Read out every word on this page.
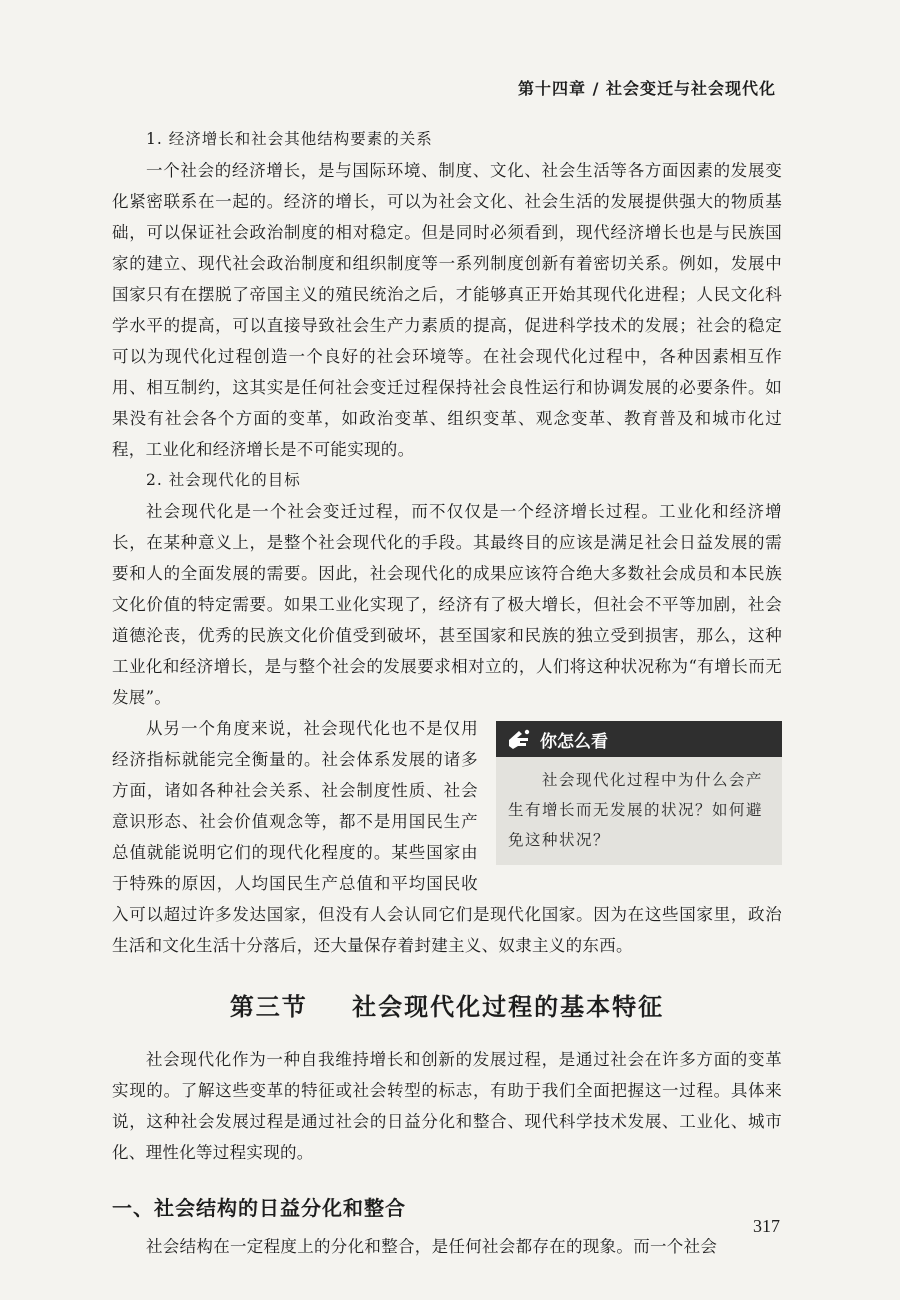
第十四章 / 社会变迁与社会现代化

1. 经济增长和社会其他结构要素的关系

一个社会的经济增长，是与国际环境、制度、文化、社会生活等各方面因素的发展变化紧密联系在一起的。经济的增长，可以为社会文化、社会生活的发展提供强大的物质基础，可以保证社会政治制度的相对稳定。但是同时必须看到，现代经济增长也是与民族国家的建立、现代社会政治制度和组织制度等一系列制度创新有着密切关系。例如，发展中国家只有在摆脱了帝国主义的殖民统治之后，才能够真正开始其现代化进程；人民文化科学水平的提高，可以直接导致社会生产力素质的提高，促进科学技术的发展；社会的稳定可以为现代化过程创造一个良好的社会环境等。在社会现代化过程中，各种因素相互作用、相互制约，这其实是任何社会变迁过程保持社会良性运行和协调发展的必要条件。如果没有社会各个方面的变革，如政治变革、组织变革、观念变革、教育普及和城市化过程，工业化和经济增长是不可能实现的。

2. 社会现代化的目标

社会现代化是一个社会变迁过程，而不仅仅是一个经济增长过程。工业化和经济增长，在某种意义上，是整个社会现代化的手段。其最终目的应该是满足社会日益发展的需要和人的全面发展的需要。因此，社会现代化的成果应该符合绝大多数社会成员和本民族文化价值的特定需要。如果工业化实现了，经济有了极大增长，但社会不平等加剧，社会道德沦丧，优秀的民族文化价值受到破坏，甚至国家和民族的独立受到损害，那么，这种工业化和经济增长，是与整个社会的发展要求相对立的，人们将这种状况称为“有增长而无发展”。

你怎么看

社会现代化过程中为什么会产生有增长而无发展的状况？如何避免这种状况？

从另一个角度来说，社会现代化也不是仅用经济指标就能完全衡量的。社会体系发展的诸多方面，诸如各种社会关系、社会制度性质、社会意识形态、社会价值观念等，都不是用国民生产总值就能说明它们的现代化程度的。某些国家由于特殊的原因，人均国民生产总值和平均国民收入可以超过许多发达国家，但没有人会认同它们是现代化国家。因为在这些国家里，政治生活和文化生活十分落后，还大量保存着封建主义、奴隶主义的东西。

第三节 社会现代化过程的基本特征

社会现代化作为一种自我维持增长和创新的发展过程，是通过社会在许多方面的变革实现的。了解这些变革的特征或社会转型的标志，有助于我们全面把握这一过程。具体来说，这种社会发展过程是通过社会的日益分化和整合、现代科学技术发展、工业化、城市化、理性化等过程实现的。

一、社会结构的日益分化和整合

社会结构在一定程度上的分化和整合，是任何社会都存在的现象。而一个社会

317
